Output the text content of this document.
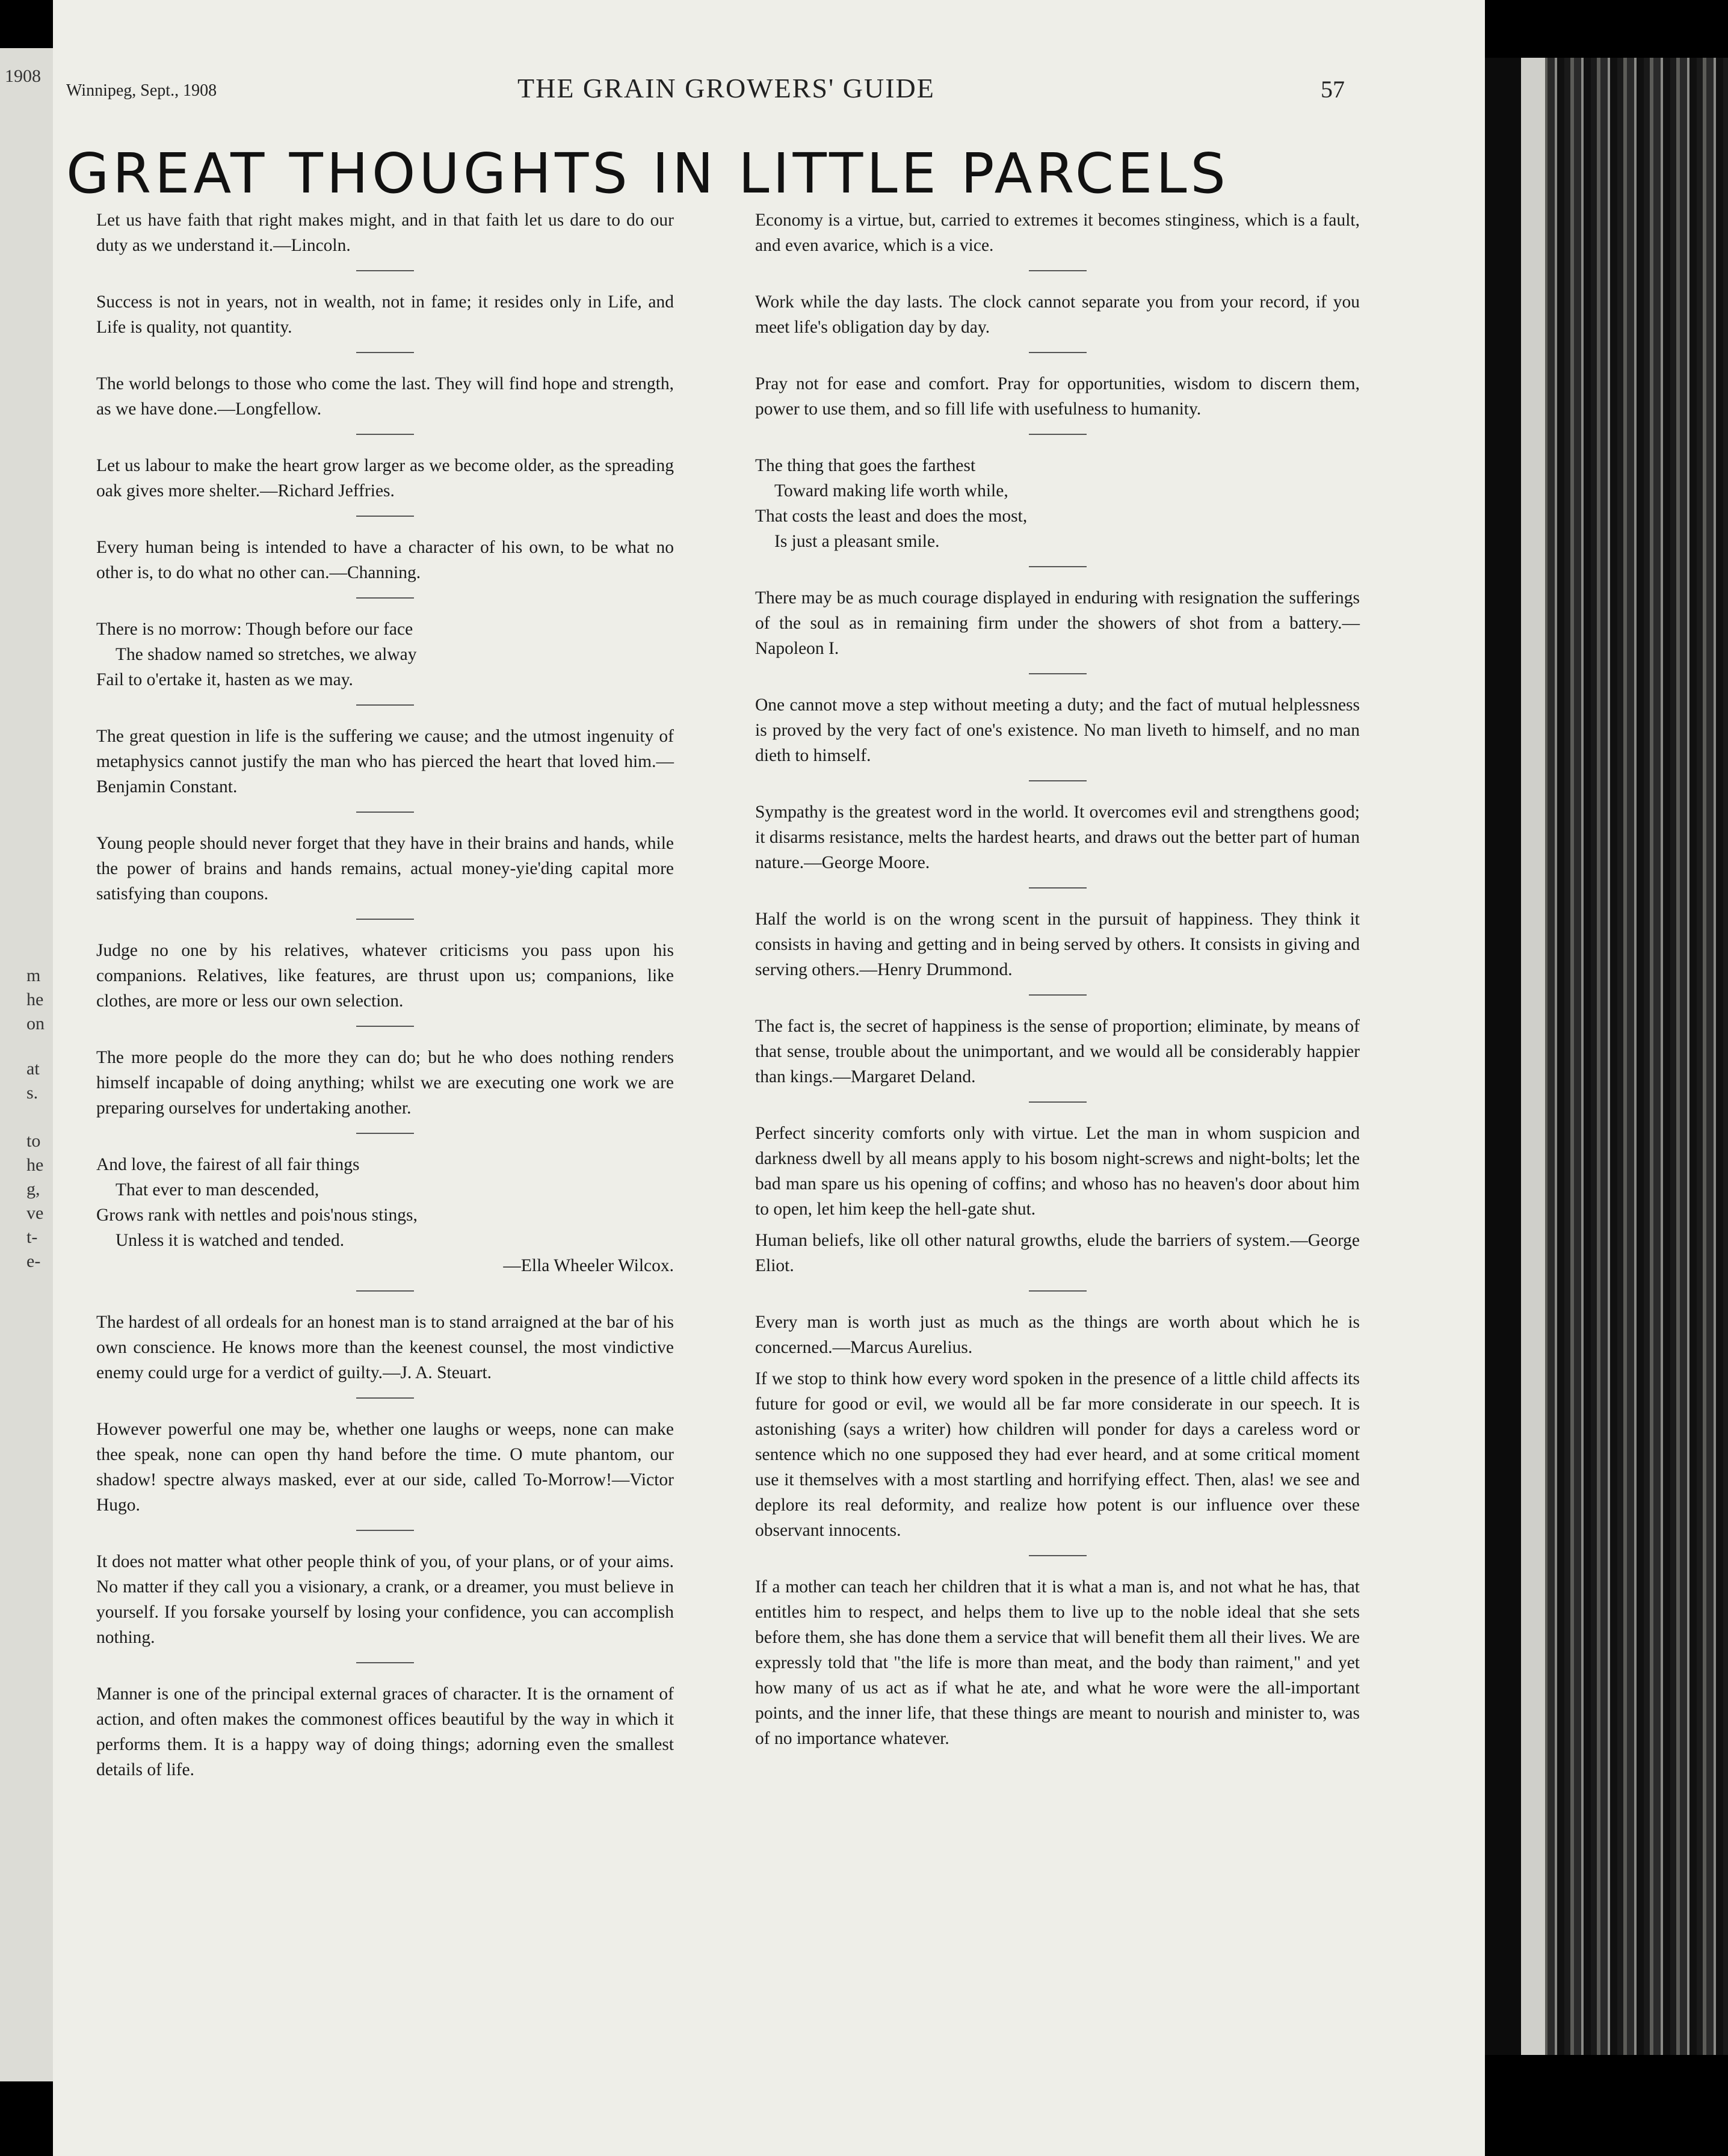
1908
m
he
on
at
s.
to
he
g,
ve
t-
e-
Winnipeg, Sept., 1908	THE GRAIN GROWERS' GUIDE	57
GREAT THOUGHTS IN LITTLE PARCELS

Let us have faith that right makes might, and in that faith let us dare to do our duty as we understand it.—Lincoln.

Success is not in years, not in wealth, not in fame; it resides only in Life, and Life is quality, not quantity.

The world belongs to those who come the last. They will find hope and strength, as we have done.—Longfellow.

Let us labour to make the heart grow larger as we become older, as the spreading oak gives more shelter.—Richard Jeffries.

Every human being is intended to have a character of his own, to be what no other is, to do what no other can.—Channing.

There is no morrow: Though before our face
The shadow named so stretches, we alway
Fail to o'ertake it, hasten as we may.

The great question in life is the suffering we cause; and the utmost ingenuity of metaphysics cannot justify the man who has pierced the heart that loved him.—Benjamin Constant.

Young people should never forget that they have in their brains and hands, while the power of brains and hands remains, actual money-yie'ding capital more satisfying than coupons.

Judge no one by his relatives, whatever criticisms you pass upon his companions. Relatives, like features, are thrust upon us; companions, like clothes, are more or less our own selection.

The more people do the more they can do; but he who does nothing renders himself incapable of doing anything; whilst we are executing one work we are preparing ourselves for undertaking another.

And love, the fairest of all fair things
That ever to man descended,
Grows rank with nettles and pois'nous stings,
Unless it is watched and tended.
—Ella Wheeler Wilcox.

The hardest of all ordeals for an honest man is to stand arraigned at the bar of his own conscience. He knows more than the keenest counsel, the most vindictive enemy could urge for a verdict of guilty.—J. A. Steuart.

However powerful one may be, whether one laughs or weeps, none can make thee speak, none can open thy hand before the time. O mute phantom, our shadow! spectre always masked, ever at our side, called To-Morrow!—Victor Hugo.

It does not matter what other people think of you, of your plans, or of your aims. No matter if they call you a visionary, a crank, or a dreamer, you must believe in yourself. If you forsake yourself by losing your confidence, you can accomplish nothing.

Manner is one of the principal external graces of character. It is the ornament of action, and often makes the commonest offices beautiful by the way in which it performs them. It is a happy way of doing things; adorning even the smallest details of life.

Economy is a virtue, but, carried to extremes it becomes stinginess, which is a fault, and even avarice, which is a vice.

Work while the day lasts. The clock cannot separate you from your record, if you meet life's obligation day by day.

Pray not for ease and comfort. Pray for opportunities, wisdom to discern them, power to use them, and so fill life with usefulness to humanity.

The thing that goes the farthest
Toward making life worth while,
That costs the least and does the most,
Is just a pleasant smile.

There may be as much courage displayed in enduring with resignation the sufferings of the soul as in remaining firm under the showers of shot from a battery.—Napoleon I.

One cannot move a step without meeting a duty; and the fact of mutual helplessness is proved by the very fact of one's existence. No man liveth to himself, and no man dieth to himself.

Sympathy is the greatest word in the world. It overcomes evil and strengthens good; it disarms resistance, melts the hardest hearts, and draws out the better part of human nature.—George Moore.

Half the world is on the wrong scent in the pursuit of happiness. They think it consists in having and getting and in being served by others. It consists in giving and serving others.—Henry Drummond.

The fact is, the secret of happiness is the sense of proportion; eliminate, by means of that sense, trouble about the unimportant, and we would all be considerably happier than kings.—Margaret Deland.

Perfect sincerity comforts only with virtue. Let the man in whom suspicion and darkness dwell by all means apply to his bosom night-screws and night-bolts; let the bad man spare us his opening of coffins; and whoso has no heaven's door about him to open, let him keep the hell-gate shut.

Human beliefs, like oll other natural growths, elude the barriers of system.—George Eliot.

Every man is worth just as much as the things are worth about which he is concerned.—Marcus Aurelius.

If we stop to think how every word spoken in the presence of a little child affects its future for good or evil, we would all be far more considerate in our speech. It is astonishing (says a writer) how children will ponder for days a careless word or sentence which no one supposed they had ever heard, and at some critical moment use it themselves with a most startling and horrifying effect. Then, alas! we see and deplore its real deformity, and realize how potent is our influence over these observant innocents.

If a mother can teach her children that it is what a man is, and not what he has, that entitles him to respect, and helps them to live up to the noble ideal that she sets before them, she has done them a service that will benefit them all their lives. We are expressly told that "the life is more than meat, and the body than raiment," and yet how many of us act as if what he ate, and what he wore were the all-important points, and the inner life, that these things are meant to nourish and minister to, was of no importance whatever.
